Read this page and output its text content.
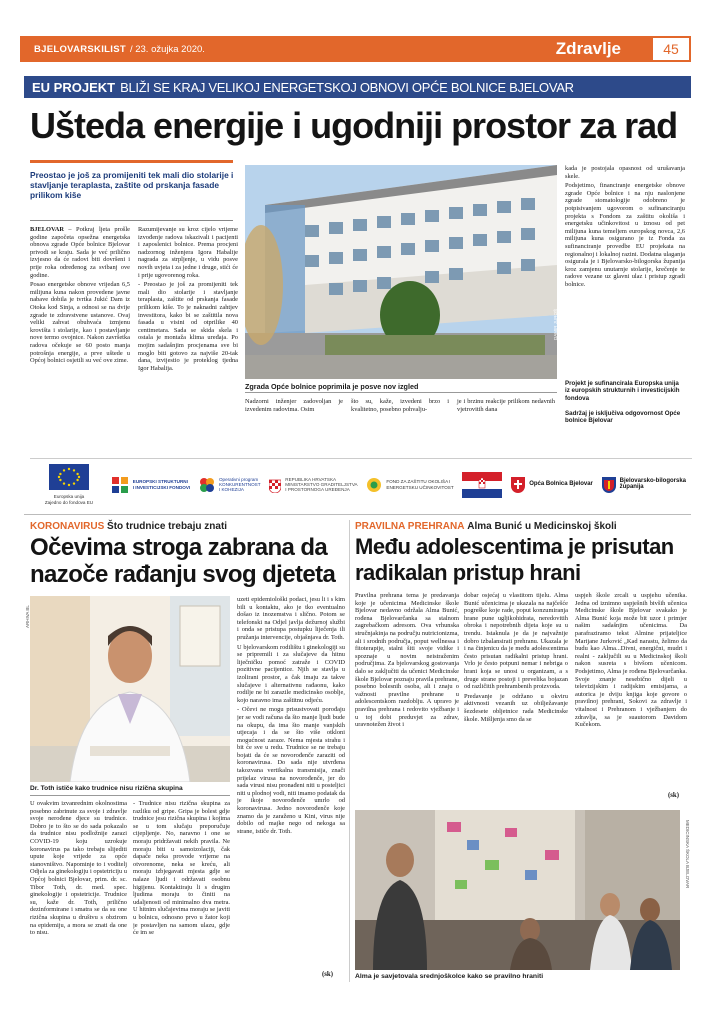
BJELOVARSKILIST / 23. ožujka 2020.	Zdravlje	45
EU PROJEKT BLIŽI SE KRAJ VELIKOJ ENERGETSKOJ OBNOVI OPĆE BOLNICE BJELOVAR
Ušteda energije i ugodniji prostor za rad
Preostao je još za promijeniti tek mali dio stolarije i stavljanje teraplasta, zaštite od prskanja fasade prilikom kiše

BJELOVAR – Potkraj ljeta prošle godine započeta opsežna energetska obnova zgrade Opće bolnice Bjelovar privodi se kraju. Sada je već prilično izvjesno da će radovi biti dovršeni i prije roka određenog za svibanj ove godine.

Posao energetske obnove vrijedan 6,5 milijuna kuna nakon provedene javne nabave dobila je tvrtka Jukić Dam iz Otoka kod Sinja, a odnosi se na dvije zgrade te zdravstvene ustanove. Ovaj veliki zahvat obuhvaća izmjenu krovišta i stolarije, kao i postavljanje nove termo ovojnice. Nakon završetka radova očekuje se 60 posto manja potrošnja energije, a prve uštede u Općoj bolnici osjetili su već ove zime.

Razumijevanje su kroz cijelo vrijeme izvođenje radova iskazivali i pacijenti i zaposlenici bolnice. Prema procjeni nadzornog inženjera Igora Habalije nagrada za strpljenje, u vidu posve novih uvjeta i za jedne i druge, stići će i prije ugovorenog roka.

- Preostao je još za promijeniti tek mali dio stolarije i stavljanje teraplasta, zaštite od prskanja fasade prilikom kiše. To je naknadni zahtjev investitora, kako bi se zaštitila nova fasada u visini od otprilike 40 centimetara. Sada se skida skela i ostala je montaža klima uređaja. Po mojim sadašnjim procjenama sve bi moglo biti gotovo za najviše 20-tak dana, izvijestio je proteklog tjedna Igor Habalija.

DAMIR JUROŠ
Zgrada Opće bolnice poprimila je posve nov izgled

Nadzorni inženjer zadovoljan je izvedenim radovima. Osim

što su, kaže, izvedeni brzo i kvalitetno, posebno pohvalju-

je i brzinu reakcije prilikom nedavnih vjetrovitih dana

kada je postojala opasnost od urušavanja skele.

Podsjetimo, financiranje energetske obnove zgrade Opće bolnice i na nju naslonjene zgrade stomatologije odobreno je potpisivanjem ugovorom o sufinanciranju projekta s Fondom za zaštitu okoliša i energetsku učinkovitost u iznosu od pet milijuna kuna temeljem europskog novca, 2,6 milijuna kuna osigurano je iz Fonda za sufinanciranje provedbe EU projekata na regionalnoj i lokalnoj razini. Dodatna ulaganja osigurala je i Bjelovarsko-bilogorska županija kroz zamjenu unutarnje stolarije, krečenje te radove vezane uz glavni ulaz i pristup zgradi bolnice.

Projekt je sufinancirala Europska unija iz europskih strukturnih i investicijskih fondova
Sadržaj je isključiva odgovornost Opće bolnice Bjelovar
Europska unija
Zajedno do fondova EU
EUROPSKI STRUKTURNI
I INVESTICIJSKI FONDOVI
Operativni program
KONKURENTNOST
I KOHEZIJA
REPUBLIKA HRVATSKA
MINISTARSTVO GRADITELJSTVA
I PROSTORNOGA UREĐENJA
FOND ZA ZAŠTITU OKOLIŠA I
ENERGETSKU UČINKOVITOST
Opća Bolnica Bjelovar	Bjelovarsko-bilogorska
županija
KORONAVIRUS Što trudnice trebaju znati
Očevima stroga zabrana da nazoče rađanju svog djeteta
ARHIVA BL
Dr. Toth ističe kako trudnice nisu rizična skupina

U ovakvim izvanrednim okolnostima posebno zabrinute za svoje i zdravlje svoje nerođene djece su trudnice. Dobro je to što se do sada pokazalo da trudnice nisu podložnije zarazi COVID-19 koju uzrokuje koronavirus pa tako trebaju slijediti upute koje vrijede za opće stanovništvo. Napominje to i voditelj Odjela za ginekologiju i opstetriciju u Općoj bolnici Bjelovar, prim. dr. sc. Tibor Toth, dr. med. spec. ginekologije i opstetricije. Trudnice su, kaže dr. Toth, prilično dezinformirane i smatra se da su one rizična skupina u društvu s obzirom na epidemiju, a mora se znati da one to nisu.

- Trudnice nisu rizična skupina za razliku od gripe. Gripa je bolest gdje trudnice jesu rizična skupina i kojima se u tom slučaju preporučuje cijepljenje. No, naravno i one se moraju pridržavati nekih pravila. Ne moraju biti u samoizolaciji, čak dapače neka provode vrijeme na otvorenome, neka se kreću, ali moraju izbjegavati mjesta gdje se nalaze ljudi i održavati osobnu higijenu. Kontaktiraju li s drugim ljudima moraju to činiti na udaljenosti od minimalno dva metra. U hitnim slučajevima moraju se javiti u bolnicu, odnosno prvo u žator koji je postavljen na samom ulazu, gdje će im se

uzeti epidemiološki podaci, jesu li i s kim bili u kontaktu, ako je tko eventualno došao iz inozemstva i slično. Potom se telefonski na Odjel javlja dežurnoj službi i onda se pristupa postupku liječenja ili pružanja intervencije, objašnjava dr. Toth.

U bjelovarskom rodilištu i ginekologiji su se pripremili i za slučajeve da hitnu liječničku pomoć zatraže i COVID pozitivne pacijentice. Njih se stavlja u izolirani prostor, a čak imaju za takve slučajeve i alternativnu rađaonu, kako rodilje ne bi zarazile medicinsko osoblje, kojo naravno ima zaštitnu odjeću.

- Očevi ne mogu prisustvovati porođaju jer se vodi računa da što manje ljudi bude na okupu, da ima što manje vanjskih utjecaja i da se što više otkloni mogućnost zaraze. Nema mjesta strahu i bit će sve u redu. Trudnice se ne trebaju bojati da će se novorođenče zaraziti od koronavirusa. Do sada nije utvrđena takozvana vertikalna transmisija, znači prijelaz virusa na novorođenče, jer do sada virusi nisu pronađeni niti u posteljici niti u plodnoj vodi, niti imamo podatak da je ikoje novorođenče umrlo od koronavirusa. Jedno novorođenče koje znamo da je zaraženo u Kini, virus nije dobilo od majke nego od nekoga sa strane, ističe dr. Toth.

(sk)
PRAVILNA PREHRANA Alma Bunić u Medicinskoj školi
Među adolescentima je prisutan radikalan pristup hrani

Pravilna prehrana tema je predavanja koje je učenicima Medicinske škole Bjelovar nedavno održala Alma Bunić, rođena Bjelovarčanka sa stalnom zagrebačkom adresom. Ova vrhunska stručnjakinja na području nutricionizma, ali i srodnih područja, poput wellnessa i fitoterapije, stalni šiti svoje vidike i spoznaje u novim neistraženim područjima. Za bjelovarskog gostovanja dalo se zaključiti da učenici Medicinske škole Bjelovar poznaju pravila prehrane, posebno bolesnih osoba, ali i znaju o važnosti pravilne prehrane u adolescentskom razdoblju. A upravo je pravilna prehrana i redovito vježbanje i u toj dobi preduvjet za zdrav, uravnotežen život i

dobar osjećaj u vlastitom tijelu. Alma Bunić učenicima je ukazala na najčešće pogreške koje rade, poput konzumiranja hrane pune ugljikohidrata, neredovitih obroka i nepotrebnih dijeta koje su u trendu. Istaknula je da je najvažnije dobro izbalansirati prehranu. Ukazala je i na činjenicu da je među adolescentima često prisutan radikalni pristup hrani. Vrlo je često potpuni nemar i nebriga o hrani koja se unosi u organizam, a s druge strane postoji i prevelika bojazan od različitih prehrambenih proizvoda.

Predavanje je održano u okviru aktivnosti vezanih uz obilježavanje šezdesete obljetnice rada Medicinske škole. Mišljenja smo da se

uspjeh škole zrcali u uspjehu učenika. Jedna od iznimno uspješnih bivših učenica Medicinske škole Bjelovar svakako je Alma Bunić koja može bit uzor i primjer našim sadašnjim učenicima. Da parafraziramo tekst Almine prijateljice Marijane Jurković „Kad narastu, želimo da budu kao Alma...Divni, energični, mudri i realni - zaključili su u Medicinskoj školi nakon susreta s bivšom učenicom. Podsjetimo, Alma je rođena Bjelovarčanka. Svoje znanje nesebično dijeli u televizijskim i radijskim emisijama, a autorica je dviju knjiga koje govore o pravilnoj prehrani, Sokovi za zdravlje i vitalnost i Prehranom i vježbanjem do zdravlja, sa je suautorom Davidom Kučekom.

(sk)
MEDICINSKA ŠKOLA BJELOVAR
Alma je savjetovala srednjoškolce kako se pravilno hraniti
